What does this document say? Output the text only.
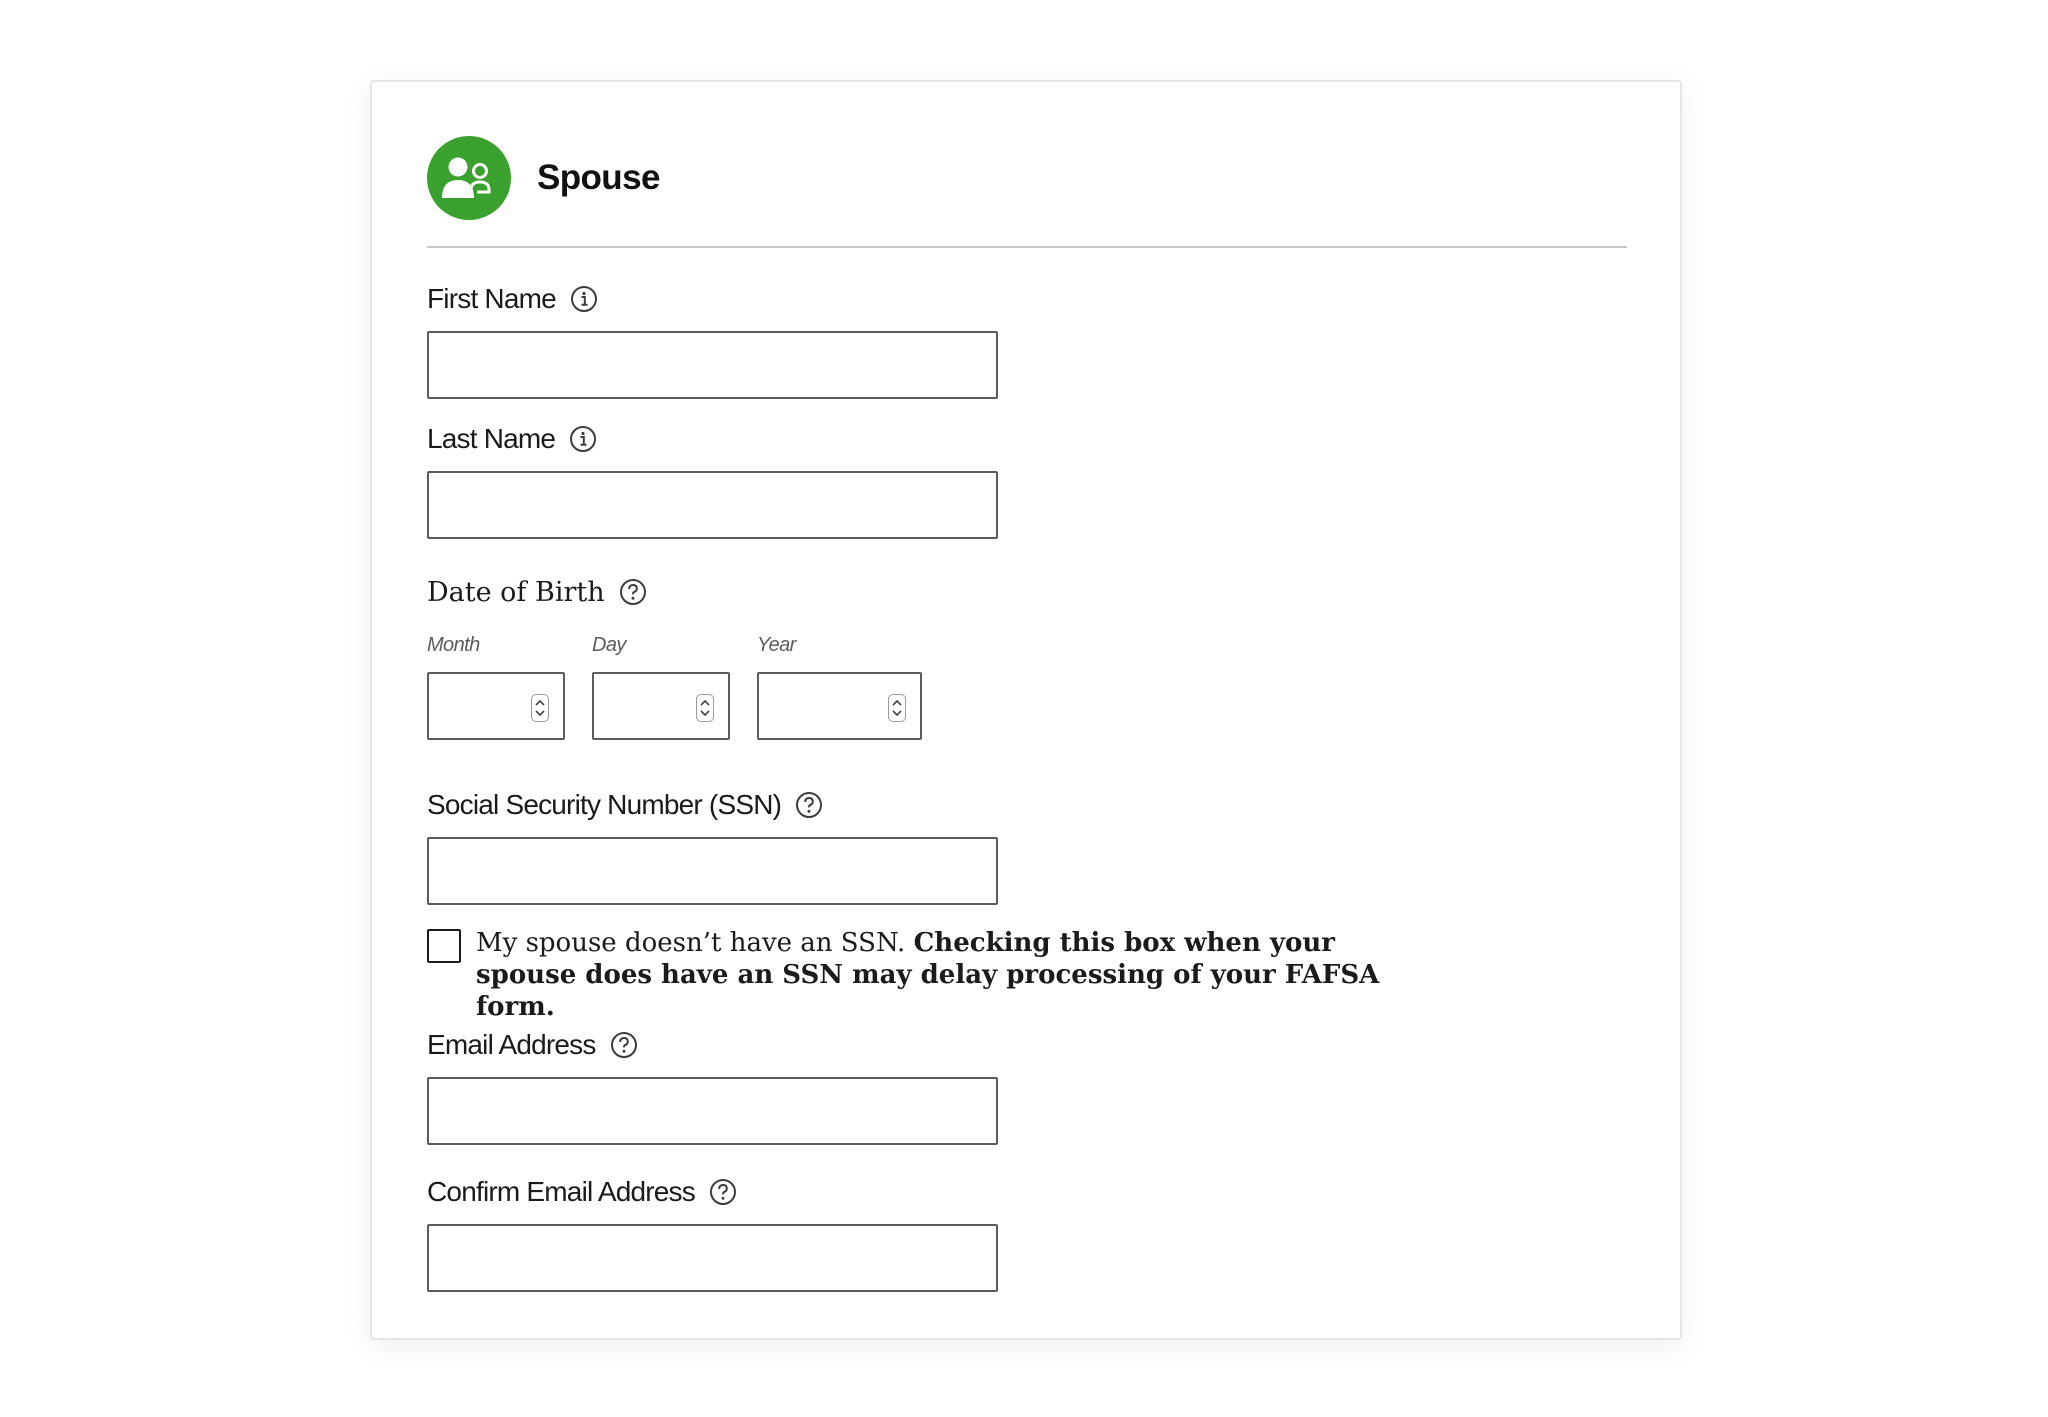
Spouse
First Name
Last Name
Date of Birth
Month	Day	Year
Social Security Number (SSN)
My spouse doesn’t have an SSN. Checking this box when your spouse does have an SSN may delay processing of your FAFSA form.
Email Address
Confirm Email Address
